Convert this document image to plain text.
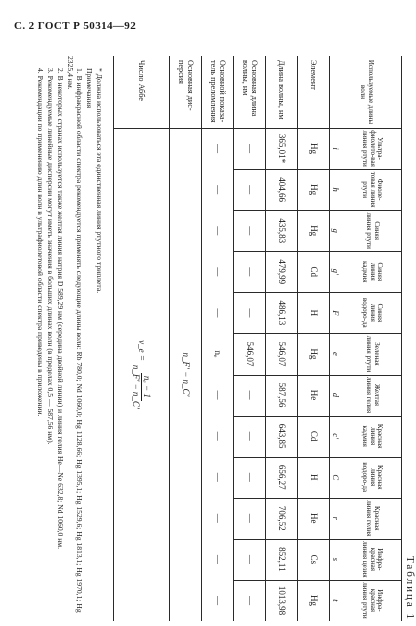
С. 2 ГОСТ Р 50314—92
Таблица 1
Используемые длины волн
Ультра-фиолето-вая линия ртути
i
Фиоле-товая линия ртути
h
Синяя линия ртути
g
Синяя линия кадмия
g′
Синяя линия водоро-да
F
Зеленая линия ртути
e
Желтая линия гелия
d
Красная линия кадмия
c′
Красная линия водоро-да
C
Красная линия гелия
r
Инфра-красная линия цезия
s
Инфра-красная линия ртути
t
Элемент
Hg
Hg
Hg
Cd
H
Hg
He
Cd
H
He
Cs
Hg
Длина волны, нм
365,01*
404,66
435,83
479,99
486,13
546,07
587,56
643,85
656,27
706,52
852,11
1013,98
Основная длина волны, нм
—
—
—
—
—
546,07
—
—
—
—
—
—
Основной показа-тель преломления
—
—
—
—
—
nₑ
—
—
—
—
—
—
Основная дис-персия
n_F′ − n_C′
Число Аббе
ν_e =
nₑ − 1
n_F′ − n_C′
* Должна использоваться эта единственная линия ртутного триплета.
Примечания
1. В инфракрасной области спектра рекомендуется применять следующие длины волн: Rb 780,0; Nd 1060,0; Hg 1128,66; Hg 1395,1; Hg 1529,6; Hg 1813,1; Hg 1970,1; Hg 2325,4 нм.
2. В некоторых странах используется также желтая линия натрия D 589,29 нм (середина двойной линии) и линия гелия He—Ne 632,8; Nd 1060,0 нм.
3. Рекомендуемые линейные дисперсии могут иметь значения в больших длинах волн (в пределах 0,5 — 587,56 нм).
4. Рекомендации по применению длин волн в ультрафиолетовой области спектра приведены в приложении.
